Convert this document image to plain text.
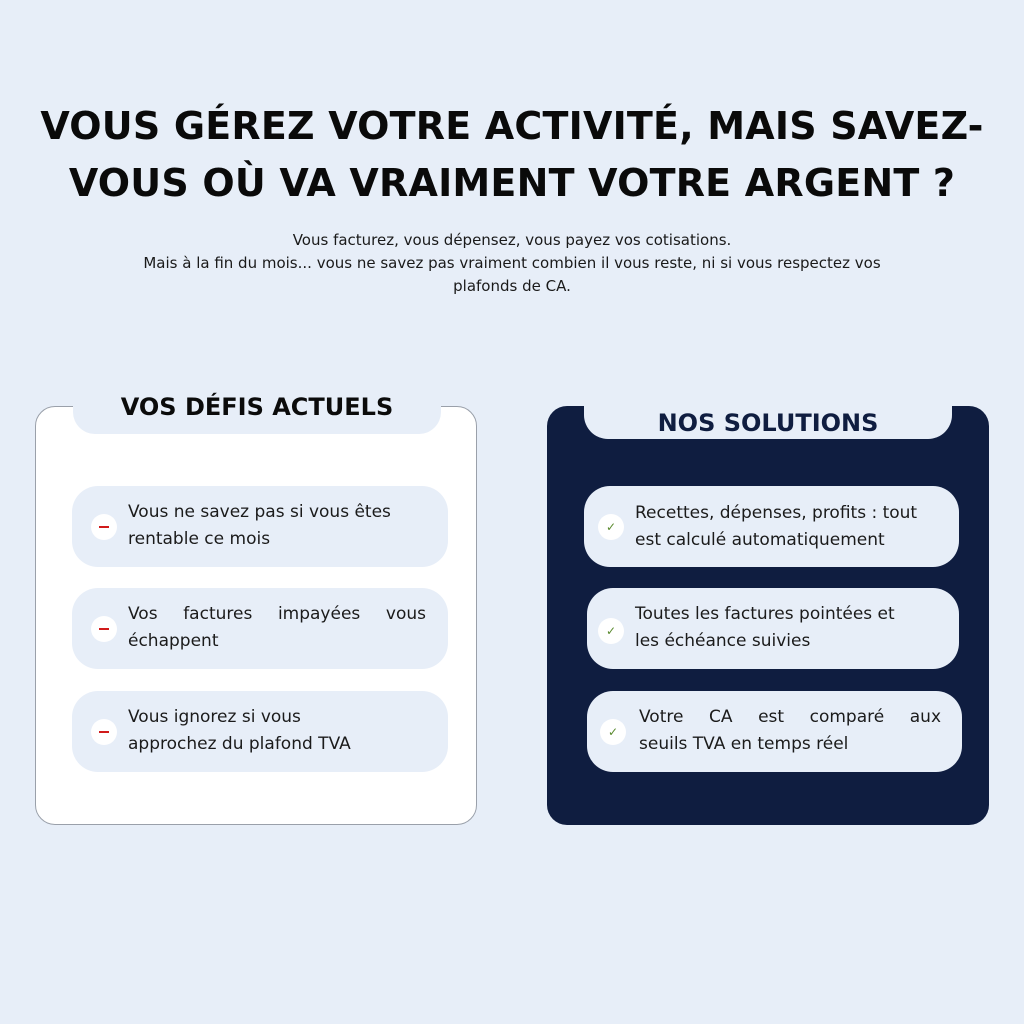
VOUS GÉREZ VOTRE ACTIVITÉ, MAIS SAVEZ-
VOUS OÙ VA VRAIMENT VOTRE ARGENT ?

Vous facturez, vous dépensez, vous payez vos cotisations.
Mais à la fin du mois... vous ne savez pas vraiment combien il vous reste, ni si vous respectez vos
plafonds de CA.

VOS DÉFIS ACTUELS
Vous ne savez pas si vous êtes
rentable ce mois
Vos factures impayées vous
échappent
Vous ignorez si vous
approchez du plafond TVA
NOS SOLUTIONS
✓
Recettes, dépenses, profits : tout
est calculé automatiquement
✓
Toutes les factures pointées et
les échéance suivies
✓
Votre CA est comparé aux
seuils TVA en temps réel
